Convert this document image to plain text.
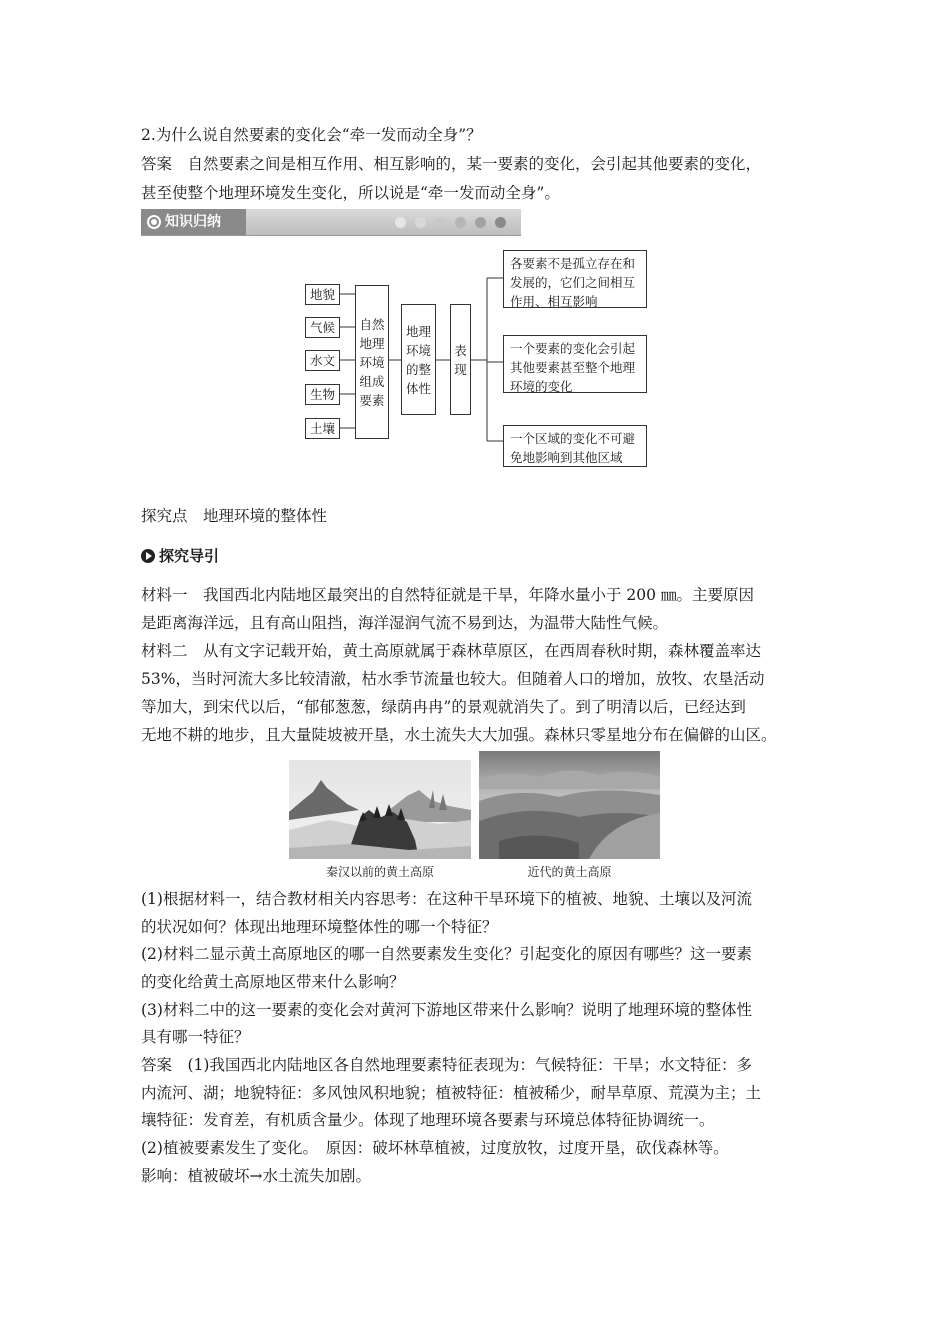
2.为什么说自然要素的变化会“牵一发而动全身”？
答案　自然要素之间是相互作用、相互影响的，某一要素的变化，会引起其他要素的变化，
甚至使整个地理环境发生变化，所以说是“牵一发而动全身”。
知识归纳
地貌
气候
水文
生物
土壤
自然
地理
环境
组成
要素
地理
环境
的整
体性
表
现
各要素不是孤立存在和
发展的，它们之间相互
作用、相互影响
一个要素的变化会引起
其他要素甚至整个地理
环境的变化
一个区域的变化不可避
免地影响到其他区域
探究点　地理环境的整体性
探究导引
材料一　我国西北内陆地区最突出的自然特征就是干旱，年降水量小于 200 ㎜。主要原因
是距离海洋远，且有高山阻挡，海洋湿润气流不易到达，为温带大陆性气候。
材料二　从有文字记载开始，黄土高原就属于森林草原区，在西周春秋时期，森林覆盖率达
53%，当时河流大多比较清澈，枯水季节流量也较大。但随着人口的增加，放牧、农垦活动
等加大，到宋代以后，“郁郁葱葱，绿荫冉冉”的景观就消失了。到了明清以后，已经达到
无地不耕的地步，且大量陡坡被开垦，水土流失大大加强。森林只零星地分布在偏僻的山区。
秦汉以前的黄土高原	近代的黄土高原
(1)根据材料一，结合教材相关内容思考：在这种干旱环境下的植被、地貌、土壤以及河流
的状况如何？体现出地理环境整体性的哪一个特征？
(2)材料二显示黄土高原地区的哪一自然要素发生变化？引起变化的原因有哪些？这一要素
的变化给黄土高原地区带来什么影响？
(3)材料二中的这一要素的变化会对黄河下游地区带来什么影响？说明了地理环境的整体性
具有哪一特征？
答案　(1)我国西北内陆地区各自然地理要素特征表现为：气候特征：干旱；水文特征：多
内流河、湖；地貌特征：多风蚀风积地貌；植被特征：植被稀少，耐旱草原、荒漠为主；土
壤特征：发育差，有机质含量少。体现了地理环境各要素与环境总体特征协调统一。
(2)植被要素发生了变化。　原因：破坏林草植被，过度放牧，过度开垦，砍伐森林等。
影响：植被破坏→水土流失加剧。
